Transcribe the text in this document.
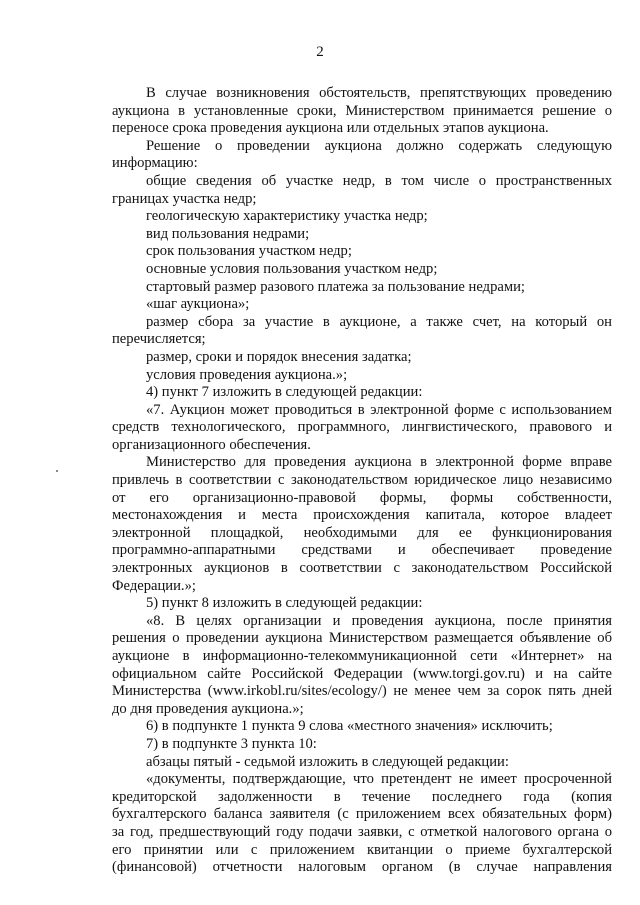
2
В случае возникновения обстоятельств, препятствующих проведению
аукциона в установленные сроки, Министерством принимается решение о
переносе срока проведения аукциона или отдельных этапов аукциона.
Решение о проведении аукциона должно содержать следующую
информацию:
общие сведения об участке недр, в том числе о пространственных
границах участка недр;
геологическую характеристику участка недр;
вид пользования недрами;
срок пользования участком недр;
основные условия пользования участком недр;
стартовый размер разового платежа за пользование недрами;
«шаг аукциона»;
размер сбора за участие в аукционе, а также счет, на который он
перечисляется;
размер, сроки и порядок внесения задатка;
условия проведения аукциона.»;
4) пункт 7 изложить в следующей редакции:
«7. Аукцион может проводиться в электронной форме с использованием
средств технологического, программного, лингвистического, правового и
организационного обеспечения.
Министерство для проведения аукциона в электронной форме вправе
привлечь в соответствии с законодательством юридическое лицо независимо
от его организационно-правовой формы, формы собственности,
местонахождения и места происхождения капитала, которое владеет
электронной площадкой, необходимыми для ее функционирования
программно-аппаратными средствами и обеспечивает проведение
электронных аукционов в соответствии с законодательством Российской
Федерации.»;
5) пункт 8 изложить в следующей редакции:
«8. В целях организации и проведения аукциона, после принятия
решения о проведении аукциона Министерством размещается объявление об
аукционе в информационно-телекоммуникационной сети «Интернет» на
официальном сайте Российской Федерации (www.torgi.gov.ru) и на сайте
Министерства (www.irkobl.ru/sites/ecology/) не менее чем за сорок пять дней
до дня проведения аукциона.»;
6) в подпункте 1 пункта 9 слова «местного значения» исключить;
7) в подпункте 3 пункта 10:
абзацы пятый - седьмой изложить в следующей редакции:
«документы, подтверждающие, что претендент не имеет просроченной
кредиторской задолженности в течение последнего года (копия
бухгалтерского баланса заявителя (с приложением всех обязательных форм)
за год, предшествующий году подачи заявки, с отметкой налогового органа о
его принятии или с приложением квитанции о приеме бухгалтерской
(финансовой) отчетности налоговым органом (в случае направления
